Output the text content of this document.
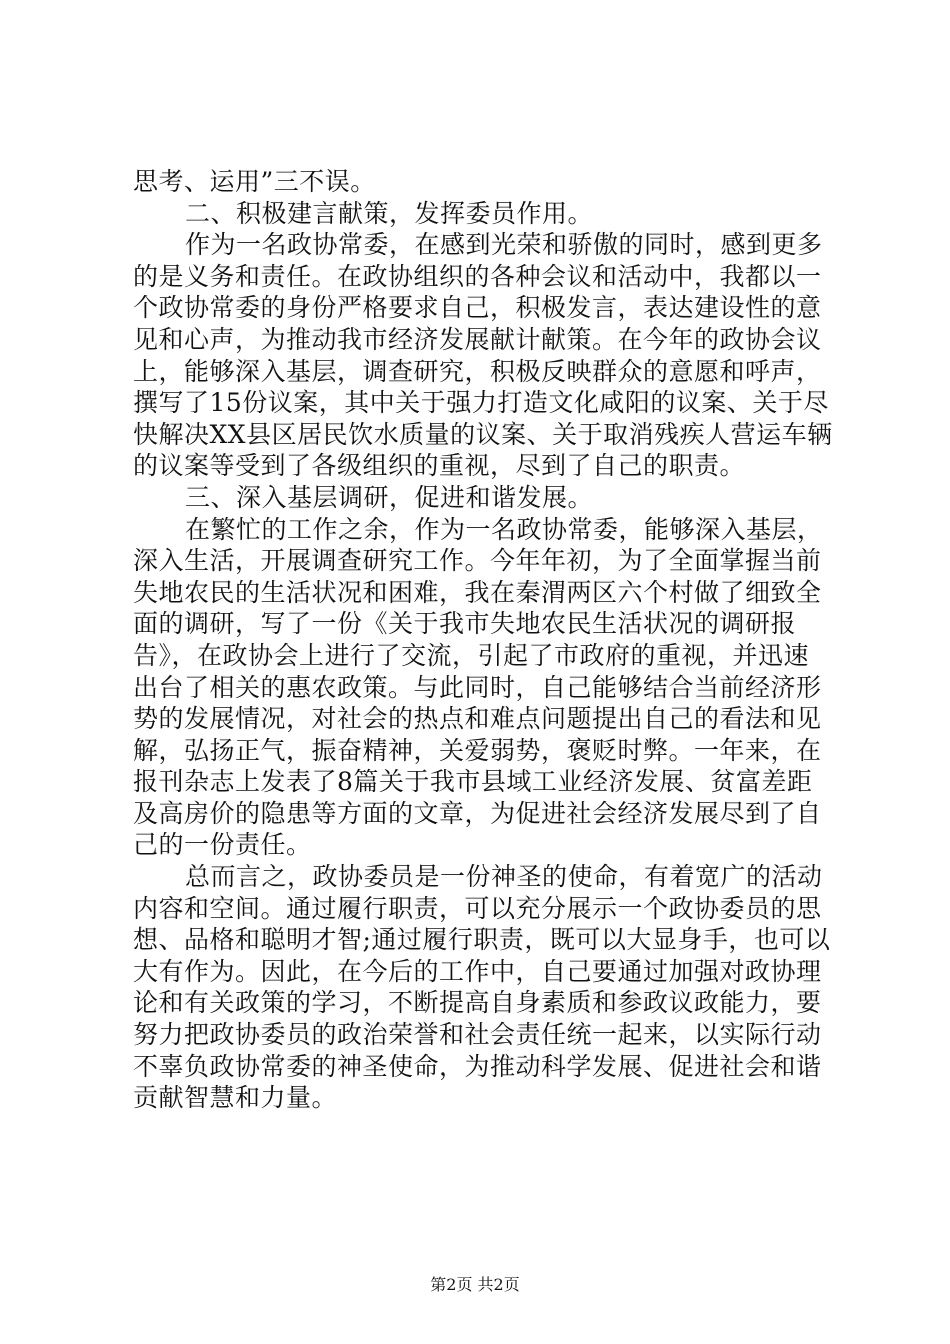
思考、运用”三不误。
二、积极建言献策，发挥委员作用。
作为一名政协常委，在感到光荣和骄傲的同时，感到更多
的是义务和责任。在政协组织的各种会议和活动中，我都以一
个政协常委的身份严格要求自己，积极发言，表达建设性的意
见和心声，为推动我市经济发展献计献策。在今年的政协会议
上，能够深入基层，调查研究，积极反映群众的意愿和呼声，
撰写了15份议案，其中关于强力打造文化咸阳的议案、关于尽
快解决XX县区居民饮水质量的议案、关于取消残疾人营运车辆
的议案等受到了各级组织的重视，尽到了自己的职责。
三、深入基层调研，促进和谐发展。
在繁忙的工作之余，作为一名政协常委，能够深入基层，
深入生活，开展调查研究工作。今年年初，为了全面掌握当前
失地农民的生活状况和困难，我在秦渭两区六个村做了细致全
面的调研，写了一份《关于我市失地农民生活状况的调研报
告》，在政协会上进行了交流，引起了市政府的重视，并迅速
出台了相关的惠农政策。与此同时，自己能够结合当前经济形
势的发展情况，对社会的热点和难点问题提出自己的看法和见
解，弘扬正气，振奋精神，关爱弱势，褒贬时弊。一年来，在
报刊杂志上发表了8篇关于我市县域工业经济发展、贫富差距
及高房价的隐患等方面的文章，为促进社会经济发展尽到了自
己的一份责任。
总而言之，政协委员是一份神圣的使命，有着宽广的活动
内容和空间。通过履行职责，可以充分展示一个政协委员的思
想、品格和聪明才智;通过履行职责，既可以大显身手，也可以
大有作为。因此，在今后的工作中，自己要通过加强对政协理
论和有关政策的学习，不断提高自身素质和参政议政能力，要
努力把政协委员的政治荣誉和社会责任统一起来，以实际行动
不辜负政协常委的神圣使命，为推动科学发展、促进社会和谐
贡献智慧和力量。
第2页 共2页
